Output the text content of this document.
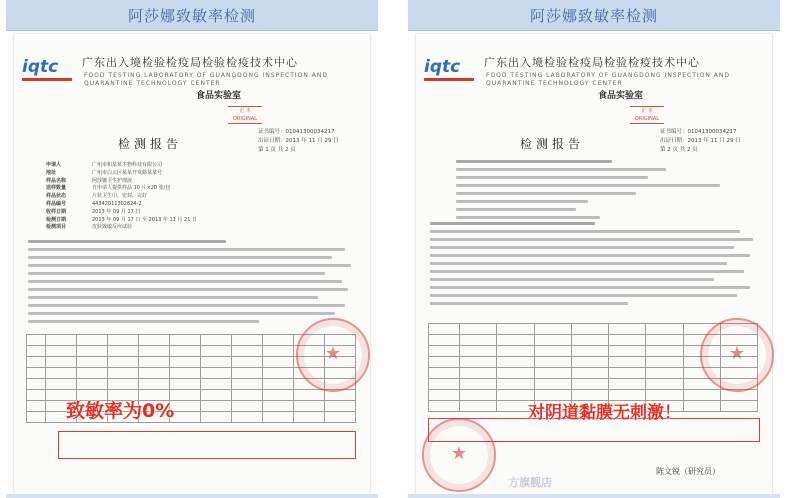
阿莎娜致敏率检测
iqtc	广东出入境检验检疫局检验检疫技术中心
FOOD TESTING LABORATORY OF GUANGDONG INSPECTION AND QUARANTINE TECHNOLOGY CENTER
食品实验室
正 本 ORIGINAL
检测报告
证书编号：01041300034217
出证日期：2013 年 11 月 29 日
第 1 页 共 2 页
申请人	广州市和某某生物科技有限公司
地址	广州市白云区某某开发路某某号
样品名称	阿莎娜卫生护理液
送样数量	自申请人提供样品 10 片×20 张/包
样品状态	片状卫生巾，密封，完好
样品编号	44342011302624-2
收样日期	2013 年 09 月 17 日
检测日期	2013 年 09 月 17 日 至 2013 年 11 月 21 日
检测项目	皮肤致敏反应试验

致敏率为0%
★
阿莎娜致敏率检测
iqtc	广东出入境检验检疫局检验检疫技术中心
FOOD TESTING LABORATORY OF GUANGDONG INSPECTION AND QUARANTINE TECHNOLOGY CENTER
食品实验室
正 本 ORIGINAL
检测报告
证书编号：01041300034217
出证日期：2013 年 11 月 29 日
第 2 页 共 2 页

对阴道黏膜无刺激！
★
★
陈文锐（研究员）
方旗舰店
